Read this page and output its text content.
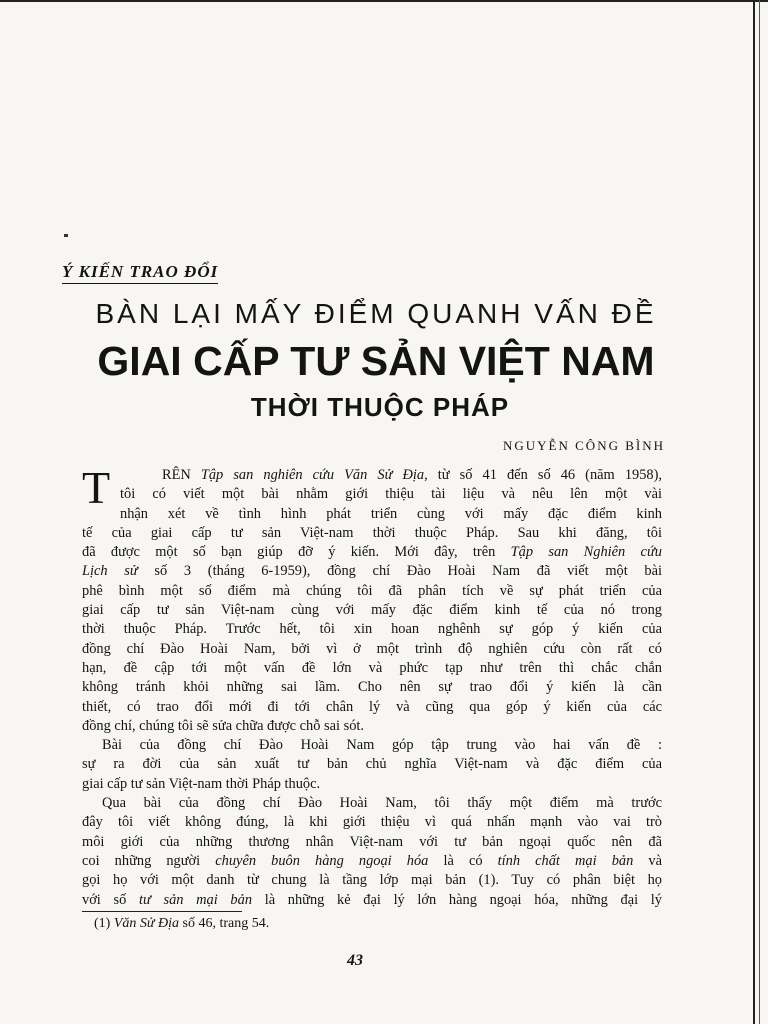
Ý KIẾN TRAO ĐỔI
BÀN LẠI MẤY ĐIỂM QUANH VẤN ĐỀ
GIAI CẤP TƯ SẢN VIỆT NAM
THỜI THUỘC PHÁP
NGUYỄN CÔNG BÌNH
T	RÊN Tập san nghiên cứu Văn Sử Địa, từ số 41 đến số 46 (năm 1958),
tôi có viết một bài nhằm giới thiệu tài liệu và nêu lên một vài
nhận xét về tình hình phát triển cùng với mấy đặc điểm kinh
tế của giai cấp tư sản Việt-nam thời thuộc Pháp. Sau khi đăng, tôi
đã được một số bạn giúp đỡ ý kiến. Mới đây, trên Tập san Nghiên cứu
Lịch sử số 3 (tháng 6-1959), đồng chí Đào Hoài Nam đã viết một bài
phê bình một số điểm mà chúng tôi đã phân tích về sự phát triển của
giai cấp tư sản Việt-nam cùng với mấy đặc điểm kinh tế của nó trong
thời thuộc Pháp. Trước hết, tôi xin hoan nghênh sự góp ý kiến của
đồng chí Đào Hoài Nam, bởi vì ở một trình độ nghiên cứu còn rất có
hạn, đề cập tới một vấn đề lớn và phức tạp như trên thì chắc chắn
không tránh khỏi những sai lầm. Cho nên sự trao đổi ý kiến là cần
thiết, có trao đổi mới đi tới chân lý và cũng qua góp ý kiến của các
đồng chí, chúng tôi sẽ sửa chữa được chỗ sai sót.
Bài của đồng chí Đào Hoài Nam góp tập trung vào hai vấn đề :
sự ra đời của sản xuất tư bản chủ nghĩa Việt-nam và đặc điểm của
giai cấp tư sản Việt-nam thời Pháp thuộc.
Qua bài của đồng chí Đào Hoài Nam, tôi thấy một điểm mà trước
đây tôi viết không đúng, là khi giới thiệu vì quá nhấn mạnh vào vai trò
môi giới của những thương nhân Việt-nam với tư bản ngoại quốc nên đã
coi những người chuyên buôn hàng ngoại hóa là có tính chất mại bản và
gọi họ với một danh từ chung là tầng lớp mại bản (1). Tuy có phân biệt họ
với số tư sản mại bản là những kẻ đại lý lớn hàng ngoại hóa, những đại lý
(1) Văn Sử Địa số 46, trang 54.
43
